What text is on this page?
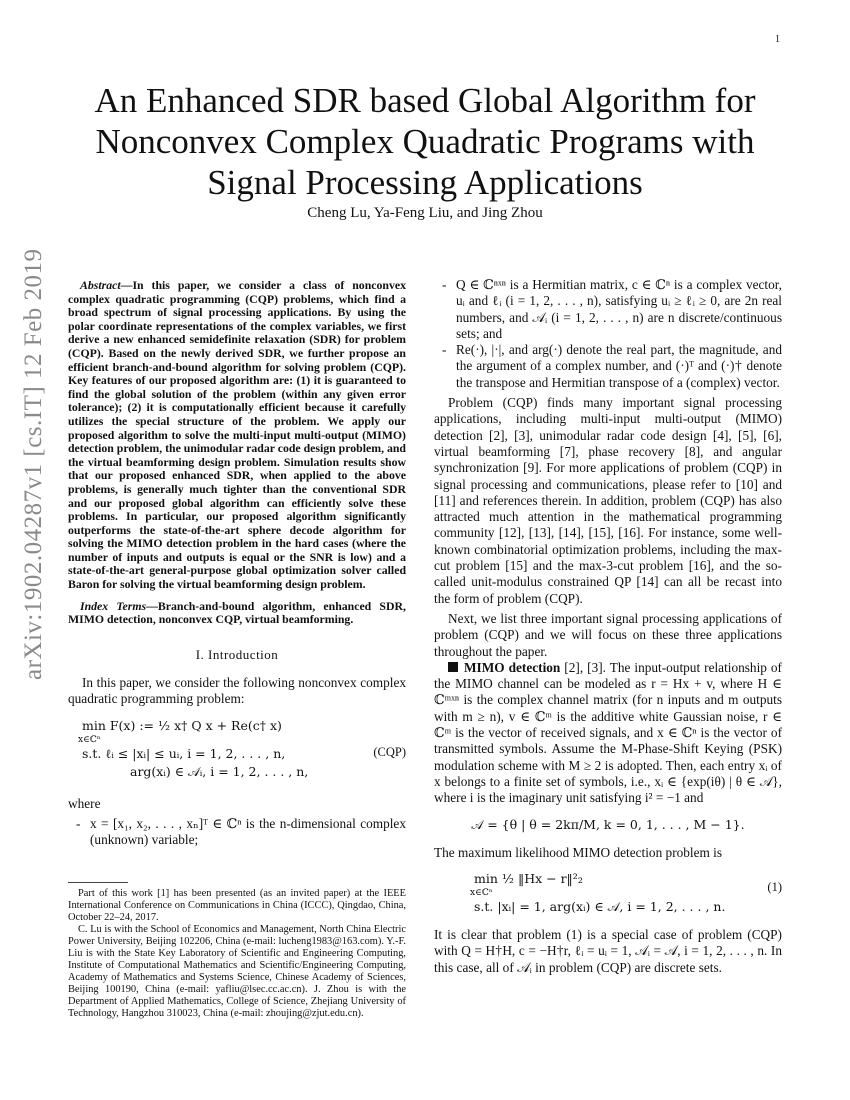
1
arXiv:1902.04287v1 [cs.IT] 12 Feb 2019
An Enhanced SDR based Global Algorithm for Nonconvex Complex Quadratic Programs with Signal Processing Applications
Cheng Lu, Ya-Feng Liu, and Jing Zhou

Abstract—In this paper, we consider a class of nonconvex complex quadratic programming (CQP) problems, which find a broad spectrum of signal processing applications. By using the polar coordinate representations of the complex variables, we first derive a new enhanced semidefinite relaxation (SDR) for problem (CQP). Based on the newly derived SDR, we further propose an efficient branch-and-bound algorithm for solving problem (CQP). Key features of our proposed algorithm are: (1) it is guaranteed to find the global solution of the problem (within any given error tolerance); (2) it is computationally efficient because it carefully utilizes the special structure of the problem. We apply our proposed algorithm to solve the multi-input multi-output (MIMO) detection problem, the unimodular radar code design problem, and the virtual beamforming design problem. Simulation results show that our proposed enhanced SDR, when applied to the above problems, is generally much tighter than the conventional SDR and our proposed global algorithm can efficiently solve these problems. In particular, our proposed algorithm significantly outperforms the state-of-the-art sphere decode algorithm for solving the MIMO detection problem in the hard cases (where the number of inputs and outputs is equal or the SNR is low) and a state-of-the-art general-purpose global optimization solver called Baron for solving the virtual beamforming design problem.

Index Terms—Branch-and-bound algorithm, enhanced SDR, MIMO detection, nonconvex CQP, virtual beamforming.

I. Introduction

In this paper, we consider the following nonconvex complex quadratic programming problem:

min F(x) := ½ x† Q x + Re(c† x)
x∈ℂⁿ
s.t. ℓᵢ ≤ |xᵢ| ≤ uᵢ, i = 1, 2, . . . , n,
arg(xᵢ) ∈ 𝒜ᵢ, i = 1, 2, . . . , n,
(CQP)

where

- x = [x₁, x₂, . . . , xₙ]ᵀ ∈ ℂⁿ is the n-dimensional complex (unknown) variable;

Part of this work [1] has been presented (as an invited paper) at the IEEE International Conference on Communications in China (ICCC), Qingdao, China, October 22–24, 2017.

C. Lu is with the School of Economics and Management, North China Electric Power University, Beijing 102206, China (e-mail: lucheng1983@163.com). Y.-F. Liu is with the State Key Laboratory of Scientific and Engineering Computing, Institute of Computational Mathematics and Scientific/Engineering Computing, Academy of Mathematics and Systems Science, Chinese Academy of Sciences, Beijing 100190, China (e-mail: yafliu@lsec.cc.ac.cn). J. Zhou is with the Department of Applied Mathematics, College of Science, Zhejiang University of Technology, Hangzhou 310023, China (e-mail: zhoujing@zjut.edu.cn).

- Q ∈ ℂⁿˣⁿ is a Hermitian matrix, c ∈ ℂⁿ is a complex vector, uᵢ and ℓᵢ (i = 1, 2, . . . , n), satisfying uᵢ ≥ ℓᵢ ≥ 0, are 2n real numbers, and 𝒜ᵢ (i = 1, 2, . . . , n) are n discrete/continuous sets; and
- Re(·), |·|, and arg(·) denote the real part, the magnitude, and the argument of a complex number, and (·)ᵀ and (·)† denote the transpose and Hermitian transpose of a (complex) vector.

Problem (CQP) finds many important signal processing applications, including multi-input multi-output (MIMO) detection [2], [3], unimodular radar code design [4], [5], [6], virtual beamforming [7], phase recovery [8], and angular synchronization [9]. For more applications of problem (CQP) in signal processing and communications, please refer to [10] and [11] and references therein. In addition, problem (CQP) has also attracted much attention in the mathematical programming community [12], [13], [14], [15], [16]. For instance, some well-known combinatorial optimization problems, including the max-cut problem [15] and the max-3-cut problem [16], and the so-called unit-modulus constrained QP [14] can all be recast into the form of problem (CQP).

Next, we list three important signal processing applications of problem (CQP) and we will focus on these three applications throughout the paper.

MIMO detection [2], [3]. The input-output relationship of the MIMO channel can be modeled as r = Hx + v, where H ∈ ℂᵐˣⁿ is the complex channel matrix (for n inputs and m outputs with m ≥ n), v ∈ ℂᵐ is the additive white Gaussian noise, r ∈ ℂᵐ is the vector of received signals, and x ∈ ℂⁿ is the vector of transmitted symbols. Assume the M-Phase-Shift Keying (PSK) modulation scheme with M ≥ 2 is adopted. Then, each entry xᵢ of x belongs to a finite set of symbols, i.e., xᵢ ∈ {exp(iθ) | θ ∈ 𝒜}, where i is the imaginary unit satisfying i² = −1 and

𝒜 = {θ | θ = 2kπ/M, k = 0, 1, . . . , M − 1}.

The maximum likelihood MIMO detection problem is

min ½ ‖Hx − r‖²₂
x∈ℂⁿ
s.t. |xᵢ| = 1, arg(xᵢ) ∈ 𝒜, i = 1, 2, . . . , n.
(1)

It is clear that problem (1) is a special case of problem (CQP) with Q = H†H, c = −H†r, ℓᵢ = uᵢ = 1, 𝒜ᵢ = 𝒜, i = 1, 2, . . . , n. In this case, all of 𝒜ᵢ in problem (CQP) are discrete sets.
